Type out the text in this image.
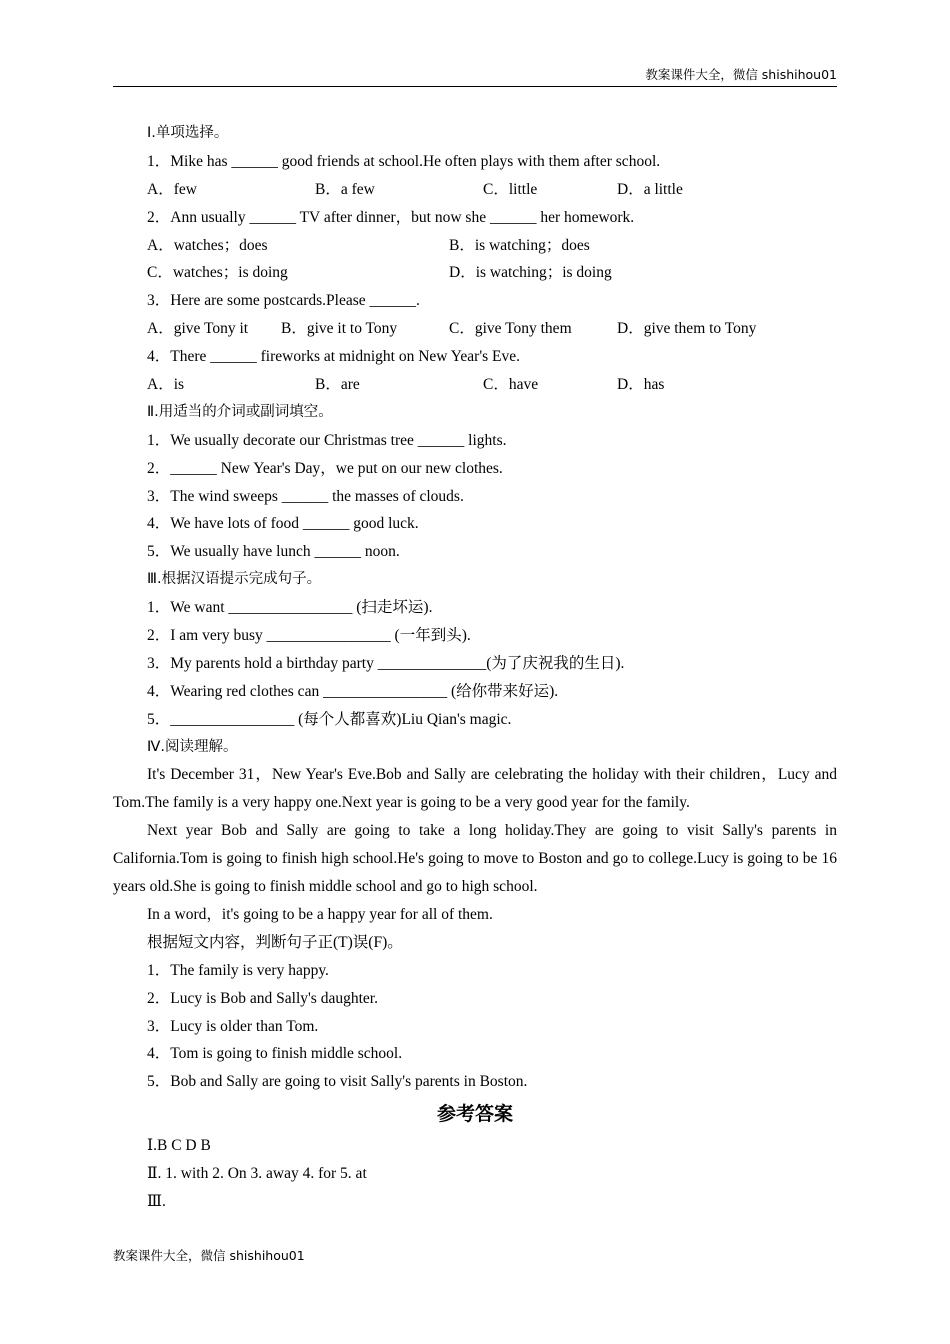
教案课件大全，微信 shishihou01
Ⅰ.单项选择。
1．Mike has ______ good friends at school.He often plays with them after school.
A．few	B．a few	C．little	D．a little
2．Ann usually ______ TV after dinner，but now she ______ her homework.
A．watches；does	B．is watching；does
C．watches；is doing	D．is watching；is doing
3．Here are some postcards.Please ______.
A．give Tony it B．give it to Tony	C．give Tony them	D．give them to Tony
4．There ______ fireworks at midnight on New Year's Eve.
A．is	B．are	C．have	D．has
Ⅱ.用适当的介词或副词填空。
1．We usually decorate our Christmas tree ______ lights.
2．______ New Year's Day，we put on our new clothes.
3．The wind sweeps ______ the masses of clouds.
4．We have lots of food ______ good luck.
5．We usually have lunch ______ noon.
Ⅲ.根据汉语提示完成句子。
1．We want ________________ (扫走坏运).
2．I am very busy ________________ (一年到头).
3．My parents hold a birthday party ______________(为了庆祝我的生日).
4．Wearing red clothes can ________________ (给你带来好运).
5．________________ (每个人都喜欢)Liu Qian's magic.
Ⅳ.阅读理解。
It's December 31，New Year's Eve.Bob and Sally are celebrating the holiday with their children，Lucy and Tom.The family is a very happy one.Next year is going to be a very good year for the family.
Next year Bob and Sally are going to take a long holiday.They are going to visit Sally's parents in California.Tom is going to finish high school.He's going to move to Boston and go to college.Lucy is going to be 16 years old.She is going to finish middle school and go to high school.
In a word，it's going to be a happy year for all of them.
根据短文内容，判断句子正(T)误(F)。
1．The family is very happy.
2．Lucy is Bob and Sally's daughter.
3．Lucy is older than Tom.
4．Tom is going to finish middle school.
5．Bob and Sally are going to visit Sally's parents in Boston.
参考答案
Ⅰ.B C D B
Ⅱ. 1. with 2. On 3. away 4. for 5. at
Ⅲ.
教案课件大全，微信 shishihou01
